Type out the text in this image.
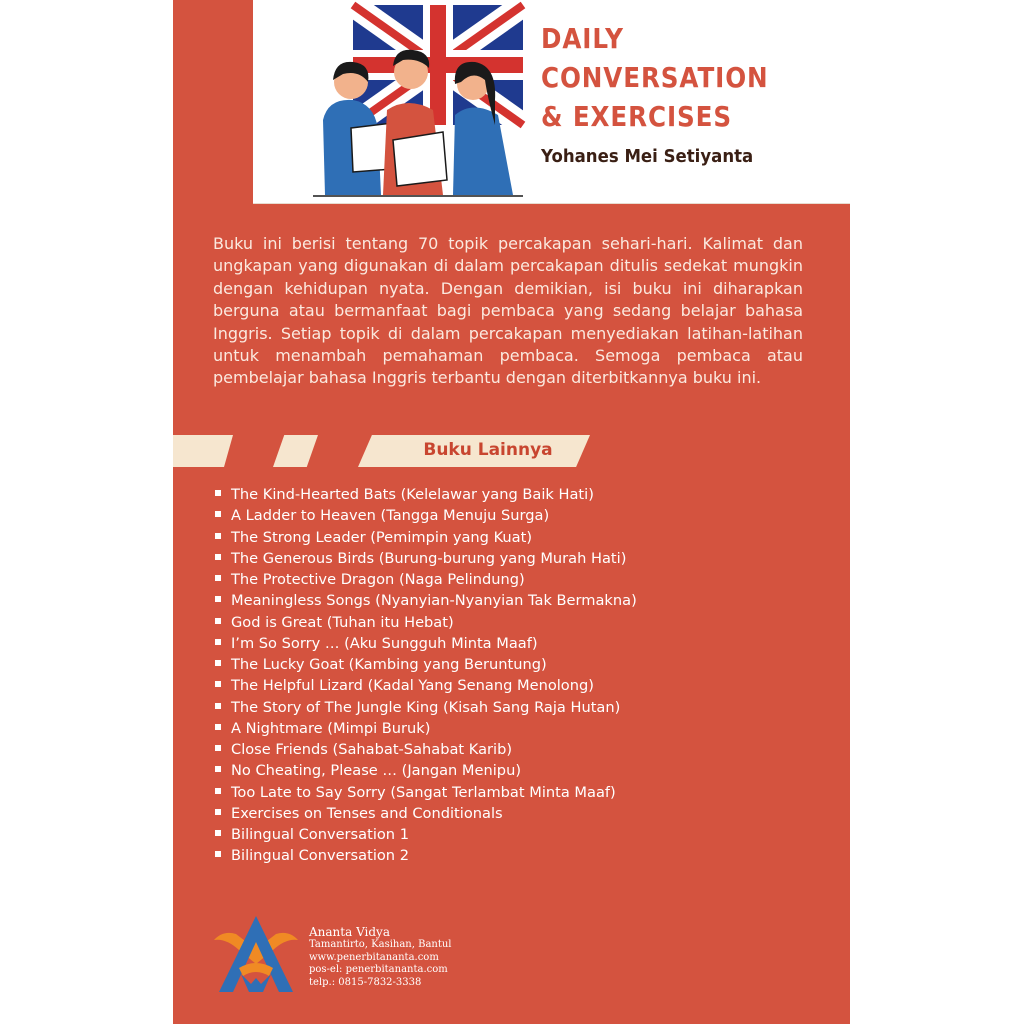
DAILY
CONVERSATION
& EXERCISES
Yohanes Mei Setiyanta

Buku ini berisi tentang 70 topik percakapan sehari-hari. Kalimat dan ungkapan yang digunakan di dalam percakapan ditulis sedekat mungkin dengan kehidupan nyata. Dengan demikian, isi buku ini diharapkan berguna atau bermanfaat bagi pembaca yang sedang belajar bahasa Inggris. Setiap topik di dalam percakapan menyediakan latihan-latihan untuk menambah pemahaman pembaca. Semoga pembaca atau pembelajar bahasa Inggris terbantu dengan diterbitkannya buku ini.

Buku Lainnya
The Kind-Hearted Bats (Kelelawar yang Baik Hati)
A Ladder to Heaven (Tangga Menuju Surga)
The Strong Leader (Pemimpin yang Kuat)
The Generous Birds (Burung-burung yang Murah Hati)
The Protective Dragon (Naga Pelindung)
Meaningless Songs (Nyanyian-Nyanyian Tak Bermakna)
God is Great (Tuhan itu Hebat)
I’m So Sorry … (Aku Sungguh Minta Maaf)
The Lucky Goat (Kambing yang Beruntung)
The Helpful Lizard (Kadal Yang Senang Menolong)
The Story of The Jungle King (Kisah Sang Raja Hutan)
A Nightmare (Mimpi Buruk)
Close Friends (Sahabat-Sahabat Karib)
No Cheating, Please … (Jangan Menipu)
Too Late to Say Sorry (Sangat Terlambat Minta Maaf)
Exercises on Tenses and Conditionals
Bilingual Conversation 1
Bilingual Conversation 2
Ananta Vidya
Tamantirto, Kasihan, Bantul
www.penerbitananta.com
pos-el: penerbitananta.com
telp.: 0815-7832-3338
